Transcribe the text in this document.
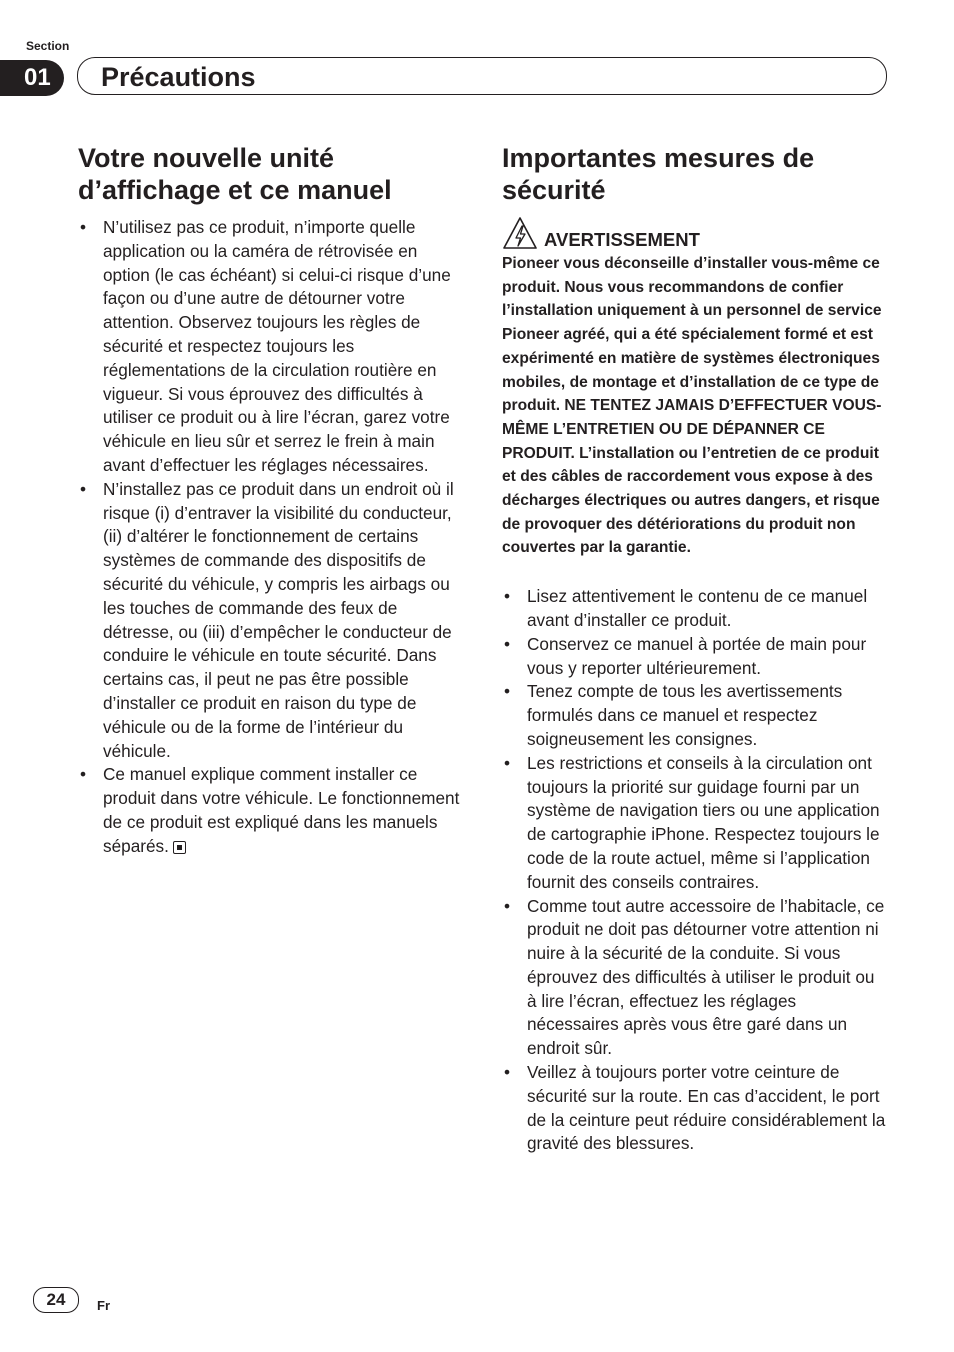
Section
01	Précautions
Votre nouvelle unité
d’affichage et ce manuel
• N’utilisez pas ce produit, n’importe quelle application ou la caméra de rétrovisée en option (le cas échéant) si celui-ci risque d’une façon ou d’une autre de détourner votre attention. Observez toujours les règles de sécurité et respectez toujours les réglementations de la circulation routière en vigueur. Si vous éprouvez des difficultés à utiliser ce produit ou à lire l’écran, garez votre véhicule en lieu sûr et serrez le frein à main avant d’effectuer les réglages nécessaires.
• N’installez pas ce produit dans un endroit où il risque (i) d’entraver la visibilité du conducteur, (ii) d’altérer le fonctionnement de certains systèmes de commande des dispositifs de sécurité du véhicule, y compris les airbags ou les touches de commande des feux de détresse, ou (iii) d’empêcher le conducteur de conduire le véhicule en toute sécurité. Dans certains cas, il peut ne pas être possible d’installer ce produit en raison du type de véhicule ou de la forme de l’intérieur du véhicule.
• Ce manuel explique comment installer ce produit dans votre véhicule. Le fonctionnement de ce produit est expliqué dans les manuels séparés.
Importantes mesures de
sécurité
AVERTISSEMENT
Pioneer vous déconseille d’installer vous-même ce produit. Nous vous recommandons de confier l’installation uniquement à un personnel de service Pioneer agréé, qui a été spécialement formé et est expérimenté en matière de systèmes électroniques mobiles, de montage et d’installation de ce type de produit. NE TENTEZ JAMAIS D’EFFECTUER VOUS-MÊME L’ENTRETIEN OU DE DÉPANNER CE PRODUIT. L’installation ou l’entretien de ce produit et des câbles de raccordement vous expose à des décharges électriques ou autres dangers, et risque de provoquer des détériorations du produit non couvertes par la garantie.
• Lisez attentivement le contenu de ce manuel avant d’installer ce produit.
• Conservez ce manuel à portée de main pour vous y reporter ultérieurement.
• Tenez compte de tous les avertissements formulés dans ce manuel et respectez soigneusement les consignes.
• Les restrictions et conseils à la circulation ont toujours la priorité sur guidage fourni par un système de navigation tiers ou une application de cartographie iPhone. Respectez toujours le code de la route actuel, même si l’application fournit des conseils contraires.
• Comme tout autre accessoire de l’habitacle, ce produit ne doit pas détourner votre attention ni nuire à la sécurité de la conduite. Si vous éprouvez des difficultés à utiliser le produit ou à lire l’écran, effectuez les réglages nécessaires après vous être garé dans un endroit sûr.
• Veillez à toujours porter votre ceinture de sécurité sur la route. En cas d’accident, le port de la ceinture peut réduire considérablement la gravité des blessures.
24	Fr
